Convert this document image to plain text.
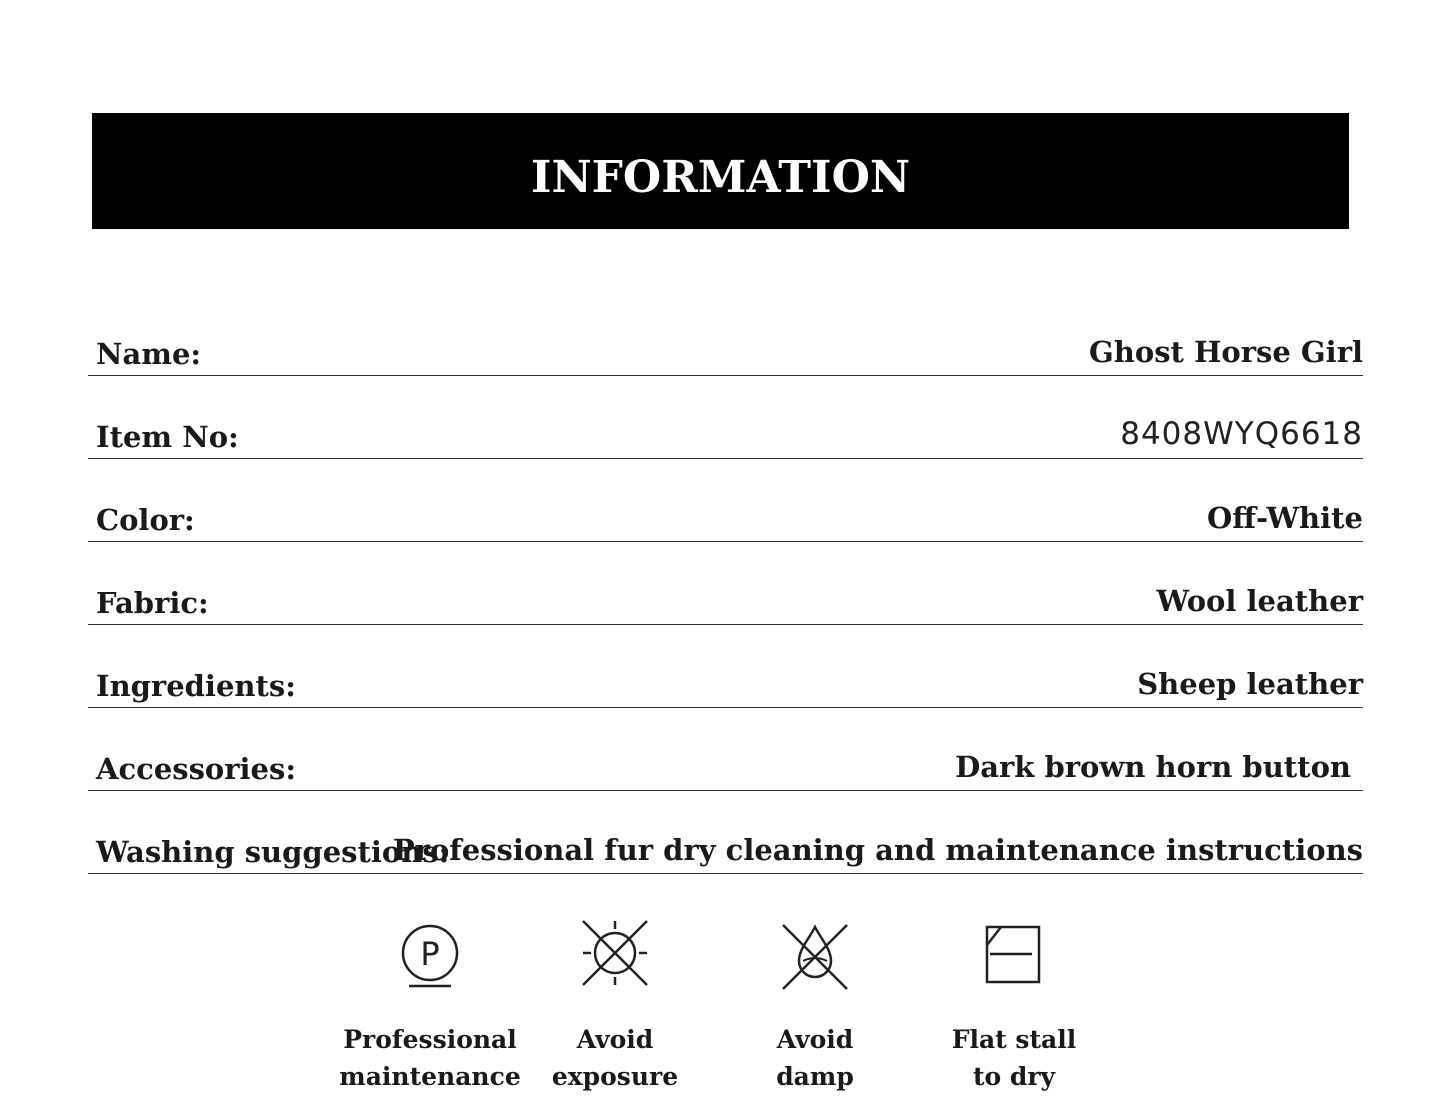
INFORMATION
Name:	Ghost Horse Girl
Item No:	8408WYQ6618
Color:	Off-White
Fabric:	Wool leather
Ingredients:	Sheep leather
Accessories:	Dark brown horn button
Washing suggestions:
Professional fur dry cleaning and maintenance instructions
P
Professional
maintenance
Avoid
exposure
Avoid
damp
Flat stall
to dry
